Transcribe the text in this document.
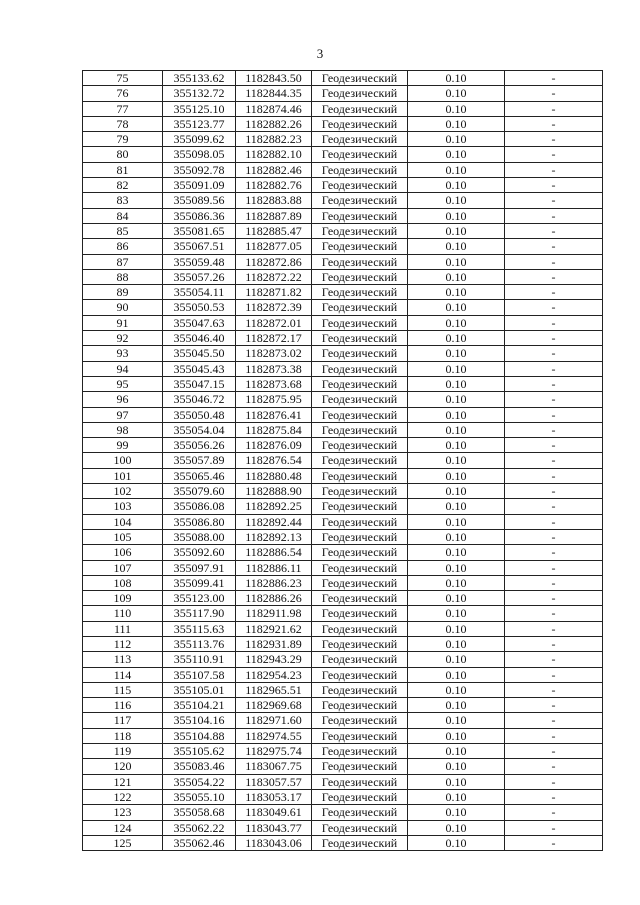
3
75	355133.62	1182843.50	Геодезический	0.10	-
76	355132.72	1182844.35	Геодезический	0.10	-
77	355125.10	1182874.46	Геодезический	0.10	-
78	355123.77	1182882.26	Геодезический	0.10	-
79	355099.62	1182882.23	Геодезический	0.10	-
80	355098.05	1182882.10	Геодезический	0.10	-
81	355092.78	1182882.46	Геодезический	0.10	-
82	355091.09	1182882.76	Геодезический	0.10	-
83	355089.56	1182883.88	Геодезический	0.10	-
84	355086.36	1182887.89	Геодезический	0.10	-
85	355081.65	1182885.47	Геодезический	0.10	-
86	355067.51	1182877.05	Геодезический	0.10	-
87	355059.48	1182872.86	Геодезический	0.10	-
88	355057.26	1182872.22	Геодезический	0.10	-
89	355054.11	1182871.82	Геодезический	0.10	-
90	355050.53	1182872.39	Геодезический	0.10	-
91	355047.63	1182872.01	Геодезический	0.10	-
92	355046.40	1182872.17	Геодезический	0.10	-
93	355045.50	1182873.02	Геодезический	0.10	-
94	355045.43	1182873.38	Геодезический	0.10	-
95	355047.15	1182873.68	Геодезический	0.10	-
96	355046.72	1182875.95	Геодезический	0.10	-
97	355050.48	1182876.41	Геодезический	0.10	-
98	355054.04	1182875.84	Геодезический	0.10	-
99	355056.26	1182876.09	Геодезический	0.10	-
100	355057.89	1182876.54	Геодезический	0.10	-
101	355065.46	1182880.48	Геодезический	0.10	-
102	355079.60	1182888.90	Геодезический	0.10	-
103	355086.08	1182892.25	Геодезический	0.10	-
104	355086.80	1182892.44	Геодезический	0.10	-
105	355088.00	1182892.13	Геодезический	0.10	-
106	355092.60	1182886.54	Геодезический	0.10	-
107	355097.91	1182886.11	Геодезический	0.10	-
108	355099.41	1182886.23	Геодезический	0.10	-
109	355123.00	1182886.26	Геодезический	0.10	-
110	355117.90	1182911.98	Геодезический	0.10	-
111	355115.63	1182921.62	Геодезический	0.10	-
112	355113.76	1182931.89	Геодезический	0.10	-
113	355110.91	1182943.29	Геодезический	0.10	-
114	355107.58	1182954.23	Геодезический	0.10	-
115	355105.01	1182965.51	Геодезический	0.10	-
116	355104.21	1182969.68	Геодезический	0.10	-
117	355104.16	1182971.60	Геодезический	0.10	-
118	355104.88	1182974.55	Геодезический	0.10	-
119	355105.62	1182975.74	Геодезический	0.10	-
120	355083.46	1183067.75	Геодезический	0.10	-
121	355054.22	1183057.57	Геодезический	0.10	-
122	355055.10	1183053.17	Геодезический	0.10	-
123	355058.68	1183049.61	Геодезический	0.10	-
124	355062.22	1183043.77	Геодезический	0.10	-
125	355062.46	1183043.06	Геодезический	0.10	-
